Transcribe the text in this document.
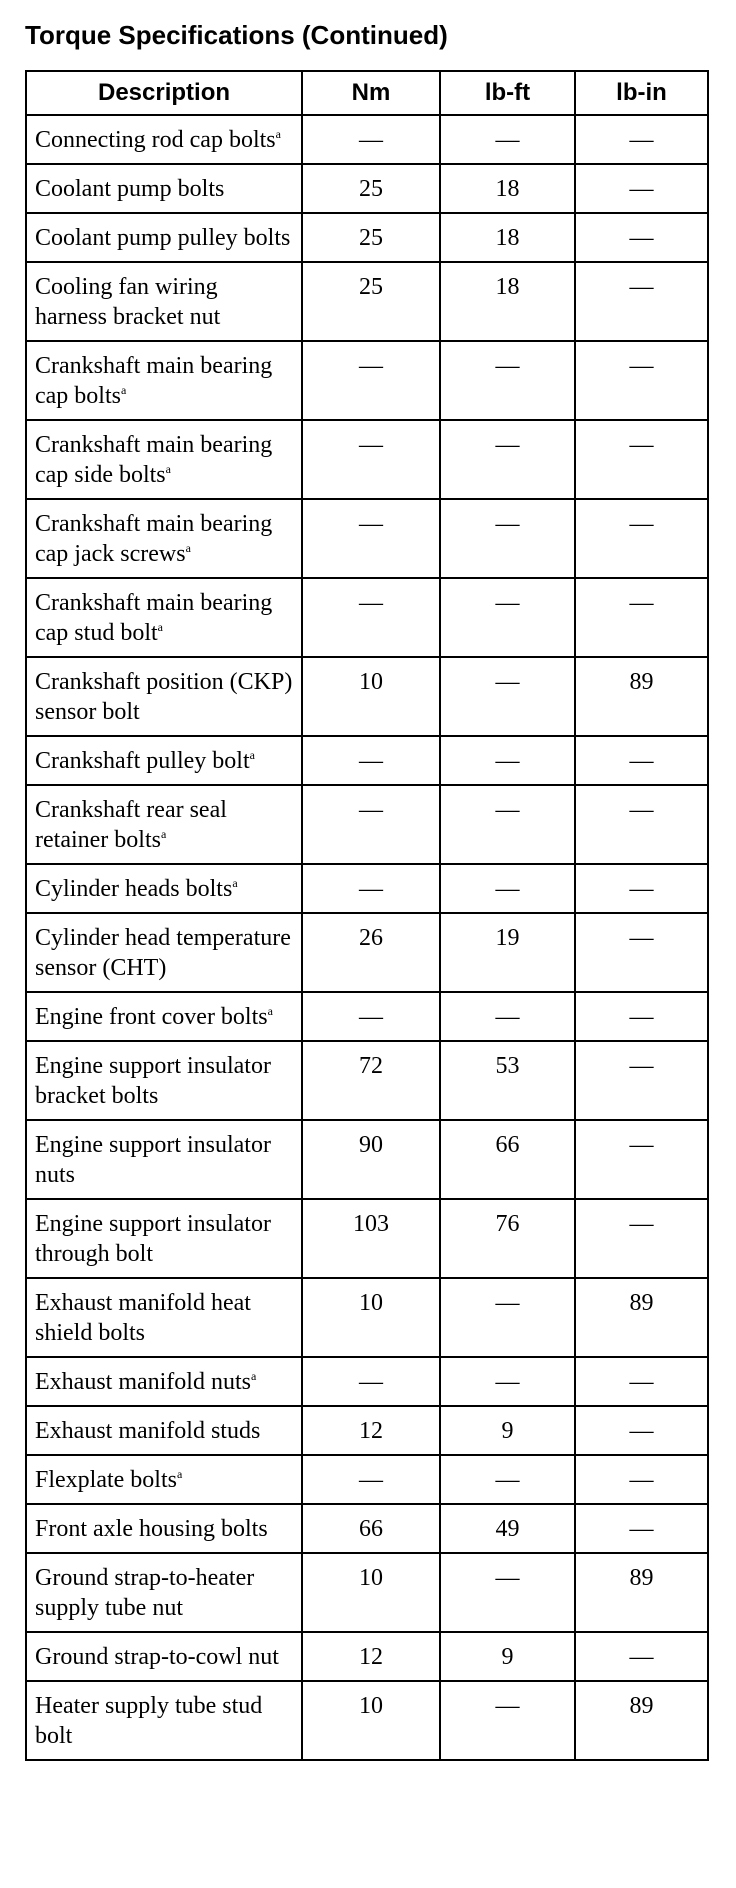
Torque Specifications (Continued)
Description	Nm	lb-ft	lb-in
Connecting rod cap bolts$^a$	—	—	—
Coolant pump bolts	25	18	—
Coolant pump pulley bolts	25	18	—
Cooling fan wiring harness bracket nut	25	18	—
Crankshaft main bearing cap bolts$^a$	—	—	—
Crankshaft main bearing cap side bolts$^a$	—	—	—
Crankshaft main bearing cap jack screws$^a$	—	—	—
Crankshaft main bearing cap stud bolt$^a$	—	—	—
Crankshaft position (CKP) sensor bolt	10	—	89
Crankshaft pulley bolt$^a$	—	—	—
Crankshaft rear seal retainer bolts$^a$	—	—	—
Cylinder heads bolts$^a$	—	—	—
Cylinder head temperature sensor (CHT)	26	19	—
Engine front cover bolts$^a$	—	—	—
Engine support insulator bracket bolts	72	53	—
Engine support insulator nuts	90	66	—
Engine support insulator through bolt	103	76	—
Exhaust manifold heat shield bolts	10	—	89
Exhaust manifold nuts$^a$	—	—	—
Exhaust manifold studs	12	9	—
Flexplate bolts$^a$	—	—	—
Front axle housing bolts	66	49	—
Ground strap-to-heater supply tube nut	10	—	89
Ground strap-to-cowl nut	12	9	—
Heater supply tube stud bolt	10	—	89
